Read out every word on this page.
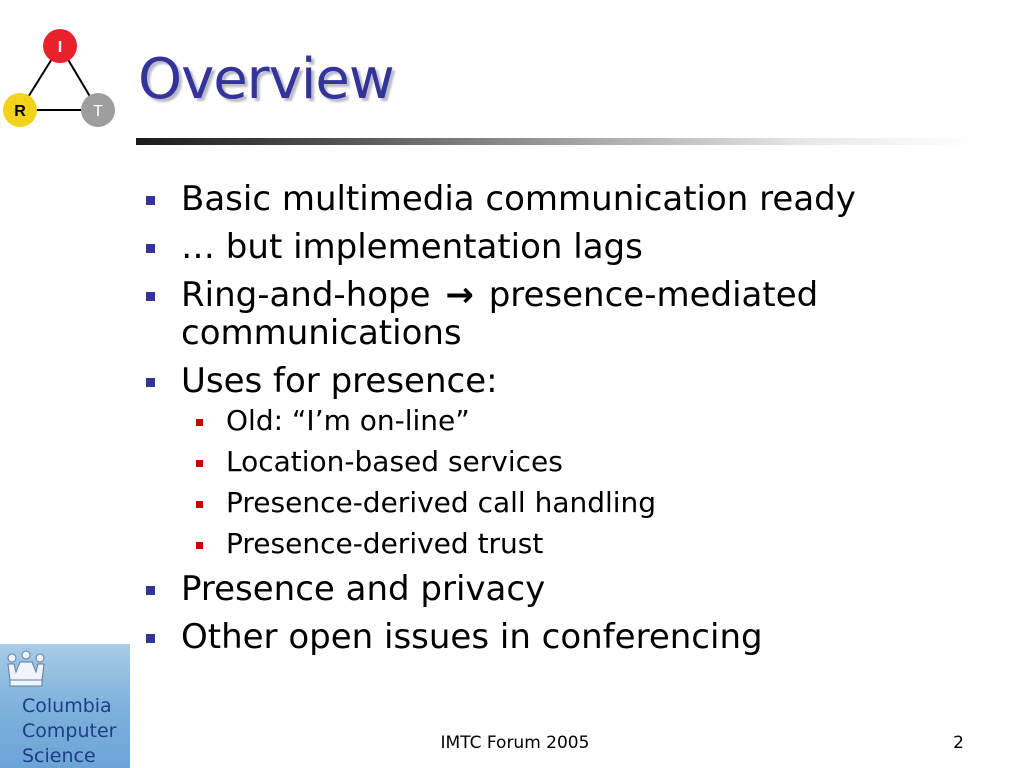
I
R	T Overview
Basic multimedia communication ready
… but implementation lags
Ring-and-hope → presence-mediated communications
Uses for presence:
Old: “I’m on-line”
Location-based services
Presence-derived call handling
Presence-derived trust
Presence and privacy
Other open issues in conferencing
Columbia
Computer
Science
IMTC Forum 2005	2
